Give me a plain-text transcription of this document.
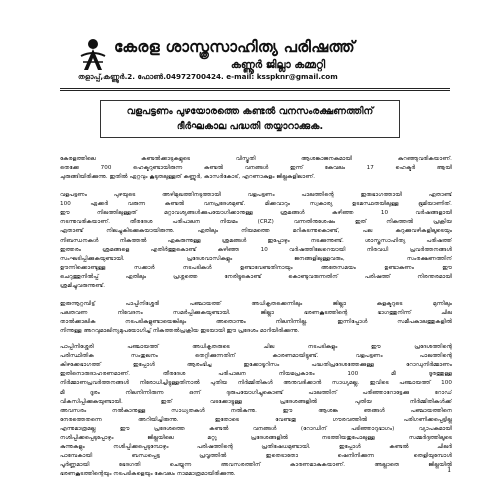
കേരള ശാസ്ത്രസാഹിത്യ പരിഷത്ത്
കണ്ണൂർ ജില്ലാ കമ്മറ്റി
തളാപ്പ്,കണ്ണൂർ.2. ഫോൺ.04972700424. e-mail: ksspknr@gmail.com
വളപട്ടണം പുഴയോരത്തെ കണ്ടൽ വനസംരക്ഷണത്തിന്
ദീർഘകാല പദ്ധതി തയ്യാറാക്കുക.
കേരളത്തിലെ കണ്ടൽക്കാടുകളുടെ വിസ്തൃതി ആശങ്കാജനകമായി കുറഞ്ഞുവരികയാണ്.
തെക്കേ 700 ഹെക്ടറുണ്ടായിരുന്ന കണ്ടൽ വനങ്ങൾ ഇന്ന് കേവലം 17 ഹെക്ടർ ആയി
ചുരുങ്ങിയിരിക്കുന്നു. ഇതിൽ ഏറ്റവും കൂടുതലുള്ളത് കണ്ണൂർ, കാസർകോട്, എറണാകുളം ജില്ലകളിലാണ്.
വളപട്ടണം പുഴയുടെ അഴിമുഖത്തിനടുത്തായി വളപട്ടണം പാലത്തിന്റെ ഇരുഭാഗത്തായി ഏതാണ്ട്
100 ഏക്കർ വരുന്ന കണ്ടൽ വനപ്രദേശമുണ്ട്. മിക്കവാറും സ്വകാര്യ ഉടമസ്ഥതയിലുള്ള ഭൂമിയാണിത്.
ഈ നിലത്തിലുള്ളത് മറ്റാവശ്യങ്ങൾക്കുപയോഗിക്കാനുള്ള ശ്രമങ്ങൾ കഴിഞ്ഞ 10 വർഷങ്ങളായി
നടന്നുവരികയാണ്. തീരദേശ പരിപാലന നിയമം (CRZ) വന്നതിനുശേഷം ഇത് നികത്തൽ പ്രക്രിയ
ഏതാണ്ട് നിലച്ചുകിടക്കുകയായിരുന്നു. ഏതിലും നിയമത്തെ മറികടന്നുകൊണ്ട്, പല കുറുക്കുവഴികളിലൂടെയും
നിബന്ധനകൾ നികത്തൽ ഏകുരുന്നുള്ള ശ്രമങ്ങൾ ഇപ്പോഴും നടക്കുന്നുണ്ട്. ശാസ്ത്രസാഹിത്യ പരിഷത്ത്
ഇത്തരം ശ്രമങ്ങളെ എതിർത്തുകൊണ്ട് കഴിഞ്ഞ 10 വർഷത്തിലേറെയായി നിരവധി പ്രവർത്തനങ്ങൾ
സംഘടിപ്പിക്കുകയുണ്ടായി. പ്രദേശവാസികളും ജനങ്ങളിലുള്ളവരും, സംരക്ഷണത്തിന്
ഊന്നിക്കൊണ്ടുള്ള സക്കാർ നടപടികൾ ഉണ്ടാവേണ്ടതിനായും അതേസമയം ഉണ്ടാകണം ഈ
ചെറുത്തുനിൽപ്പ് ഏതിലും പ്രശ്നത്തെ നേരിട്ടുകൊണ്ട് കൊണ്ടുവരുന്നതിന് പരിഷത്ത് നിരന്തരമായി
ശ്രമിച്ചുവരുന്നുണ്ട്.
ഇരുന്നൂറ്റമ്പിട്ട് പാപ്പിനിശ്ശേരി പഞ്ചായത്ത് അധികൃതക്കെന്നിലും ജില്ലാ കളക്ടറുടെ മുന്നിലും
പലതവണ നിവേദനം സമർപ്പിക്കുകയുണ്ടായി. ജില്ലാ ഭരണകൂടത്തിന്റെ ഭാഗത്തുനിന്ന് ചില
താൽക്കാലിക നടപടികളുണ്ടായെങ്കിലും അതൊന്നും നിലനിന്നില്ല. ഇന്നിപ്പോൾ സമീപകാലത്തുകളിൽ
നിന്നുള്ള അറവുമാലിന്യമുപയോഗിച്ച് നികത്തൽപ്രക്രിയ ഇടയായി ഈ പ്രദേശം മാറിയിരിക്കുന്നു.
പാപ്പിനിശ്ശേരി പഞ്ചായത്ത് അധികൃതരുടെ ചില നടപടികളും ഈ പ്രദേശത്തിന്റെ
പരിസ്ഥിതിക സംതുലനം തെറ്റിക്കുന്നതിന് കാരണമായിട്ടുണ്ട്. വളപട്ടണം പാലത്തിന്റെ
കിഴക്കേഭാഗത്ത് ഇപ്പോൾ ആരംഭിച്ച ഇക്കോടൂറിസം പദ്ധതിപ്രദേശത്തേക്കുള്ള റോഡുനിർമ്മാണം
ഇതിനൊരുദാഹരണമാണ്. തീരദേശ പരിപാലന നിയമപ്രകാരം 100 മീ ദൂരത്തുള്ള
നിർമ്മാണപ്രവർത്തനങ്ങൾ നിരോധിച്ചിട്ടുള്ളതിനാൽ പുതിയ നിർമ്മിതികൾ അനുവദിക്കാൻ സാധ്യമല്ല. ഇവിടെ പഞ്ചായത്ത് 100
മീ ദൂരം നിലനിന്നിരുന്ന ഒന്ന് ദുരുപയോഗിച്ചുകൊണ്ട് പാലത്തിന് പരിഞ്ഞാറോട്ടേക്കു റോഡ്
വികസിപ്പിക്കുകയുണ്ടായി. ഇത് വടക്കോട്ടുള്ള പ്രദേശങ്ങളിൽ പുതിയ നിർമ്മിതികൾക്ക്
അവസരം നൽകാനുള്ള സാധ്യതകൾ നൽകുന്നു. ഈ ആശങ്ക ഞങ്ങൾ പഞ്ചായത്തിനെ
നേരത്തെതന്നെ അറിയിച്ചിരുന്നു. ഇതോടെ വേണ്ടതു ഗൗരവത്തിൽ പരിഗണിക്കപ്പെട്ടില്ല
എന്നുമാത്രമല്ല ഈ പ്രദേശത്തെ കണ്ടൽ വനങ്ങൾ (റോഡിന് പടിഞ്ഞാറുഭാഗം) വ്യാപകമായി
നശിപ്പിക്കപ്പെടുപ്പോഴും ജില്ലയിലെ മറ്റു പ്രദേശങ്ങളിൽ നടത്തിയതുപോലുള്ള സമ്മർദ്ദത്തിലൂടെ
കുന്നുകളും നശിപ്പിക്കപ്പെടുമ്പോഴും പരിഷത്തിന്റെ പ്രതിഷേധമുണ്ടായി. ഇപ്പോൾ കണ്ടൽ ചിലർ
പാമ്പേകായി ബന്ധപ്പെട്ട പ്രവൃത്തിൽ ഇതെടാതോ ഷെനിനിക്കുന്ന തെളിയുമ്പോൾ
പൂർണ്ണമായി ഭേദഗതി ചെയ്യുന്ന അവസരത്തിന് കാരണമാകുകയാണ്. അല്ലാതെ ജില്ലയിൽ
ഭരണകൂടത്തിന്റെയും നടപടികളെയും കേവലം നാമമാത്രമായിരിക്കുന്നു.
1
